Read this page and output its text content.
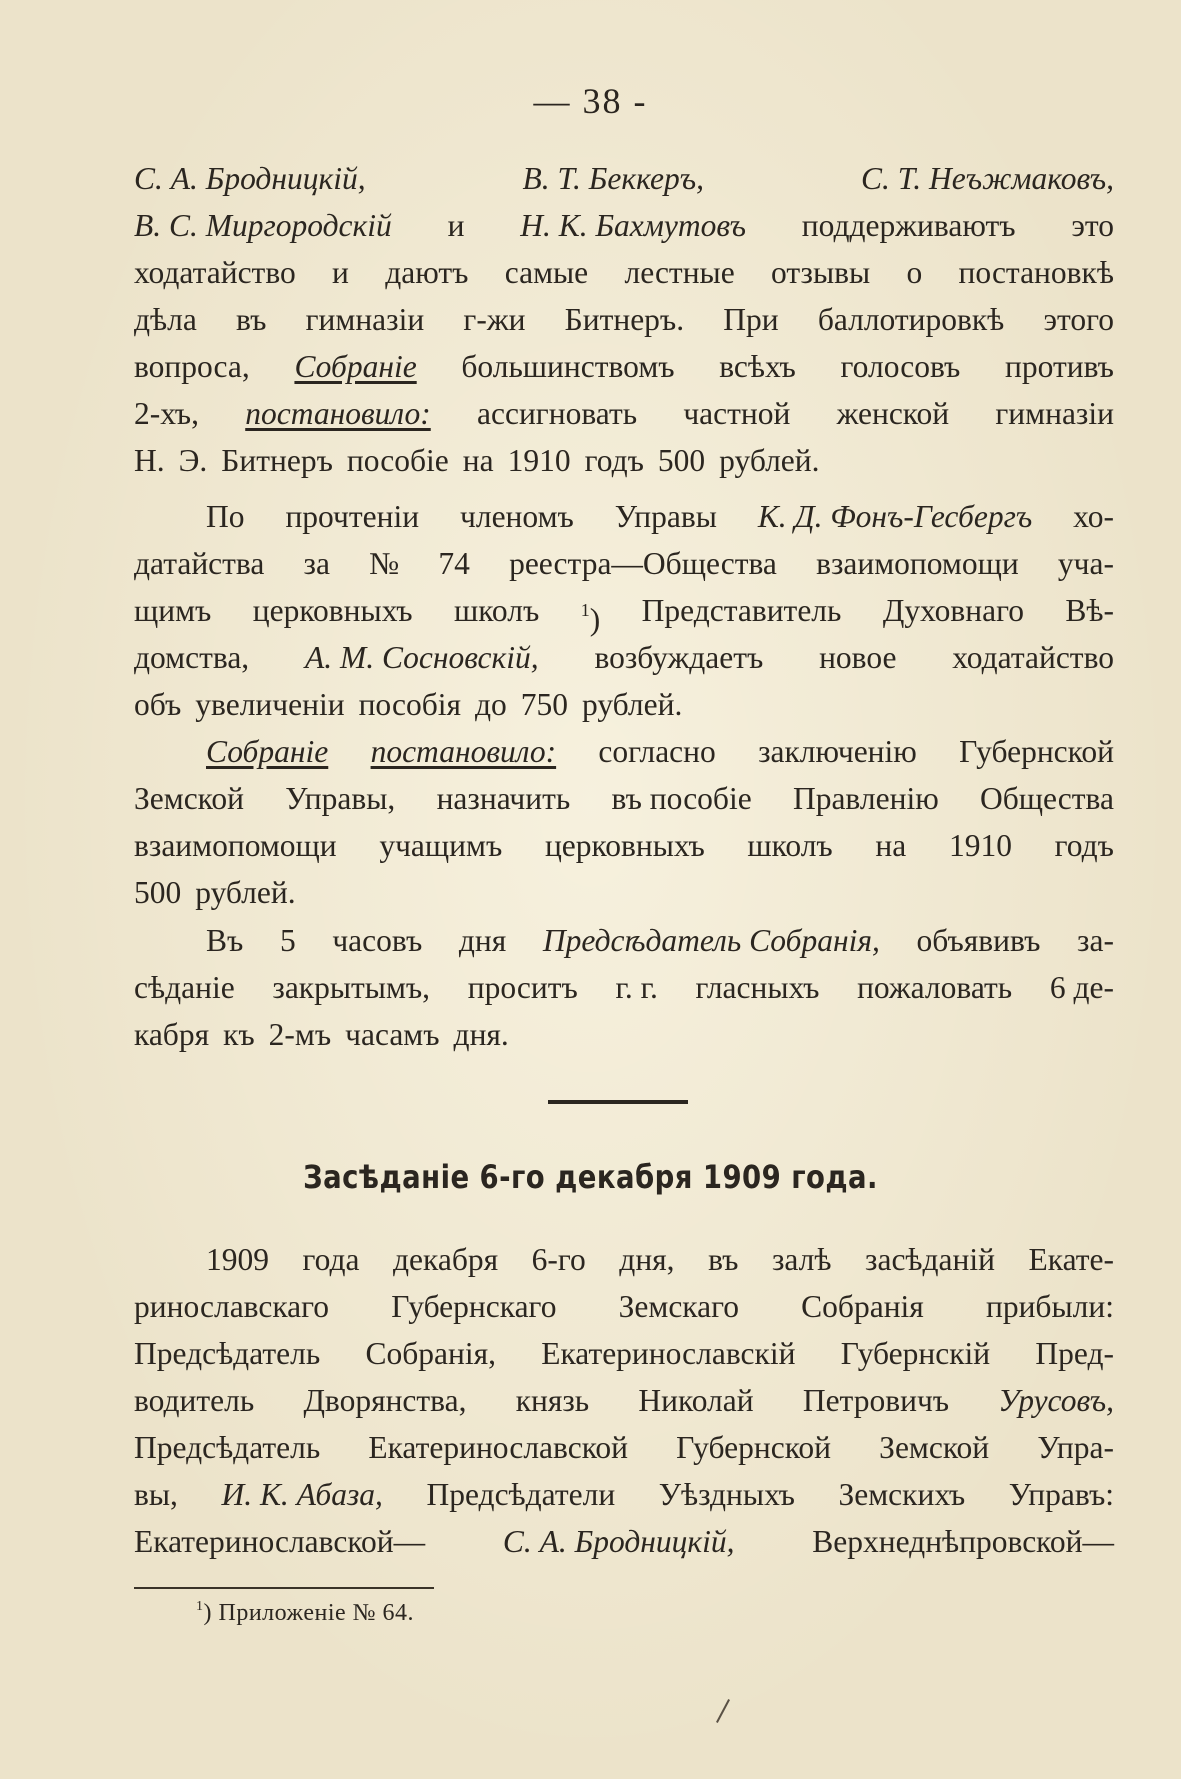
— 38 -
С. А. Бродницкій,	В. Т. Беккеръ,	С. Т. Неъжмаковъ,
В. С. Миргородскій и Н. К. Бахмутовъ поддерживаютъ это
ходатайство и даютъ самые лестные отзывы о постановкѣ
дѣла въ гимназіи г-жи Битнеръ. При баллотировкѣ этого
вопроса, Собраніе большинствомъ всѣхъ голосовъ противъ
2-хъ, постановило: ассигновать частной женской гимназіи
Н. Э. Битнеръ пособіе на 1910 годъ 500 рублей.
По прочтеніи членомъ Управы К. Д. Фонъ-Гесбергъ хо-
датайства за № 74 реестра—Общества взаимопомощи уча-
щимъ церковныхъ школъ $^1$) Представитель Духовнаго Вѣ-
домства, А. М. Сосновскій, возбуждаетъ новое ходатайство
объ увеличеніи пособія до 750 рублей.
Собраніе постановило: согласно заключенію Губернской
Земской Управы, назначить въ пособіе Правленію Общества
взаимопомощи учащимъ церковныхъ школъ на 1910 годъ
500 рублей.
Въ 5 часовъ дня Предсѣдатель Собранія, объявивъ за-
сѣданіе закрытымъ, проситъ г. г. гласныхъ пожаловать 6 де-
кабря къ 2-мъ часамъ дня.
Засѣданіе 6-го декабря 1909 года.
1909 года декабря 6-го дня, въ залѣ засѣданій Екате-
ринославскаго Губернскаго Земскаго Собранія прибыли:
Предсѣдатель Собранія, Екатеринославскій Губернскій Пред-
водитель Дворянства, князь Николай Петровичъ Урусовъ,
Предсѣдатель Екатеринославской Губернской Земской Упра-
вы, И. К. Абаза, Предсѣдатели Уѣздныхъ Земскихъ Управъ:
Екатеринославской— С. А. Бродницкій, Верхнеднѣпровской—
$^1$) Приложеніе № 64.
